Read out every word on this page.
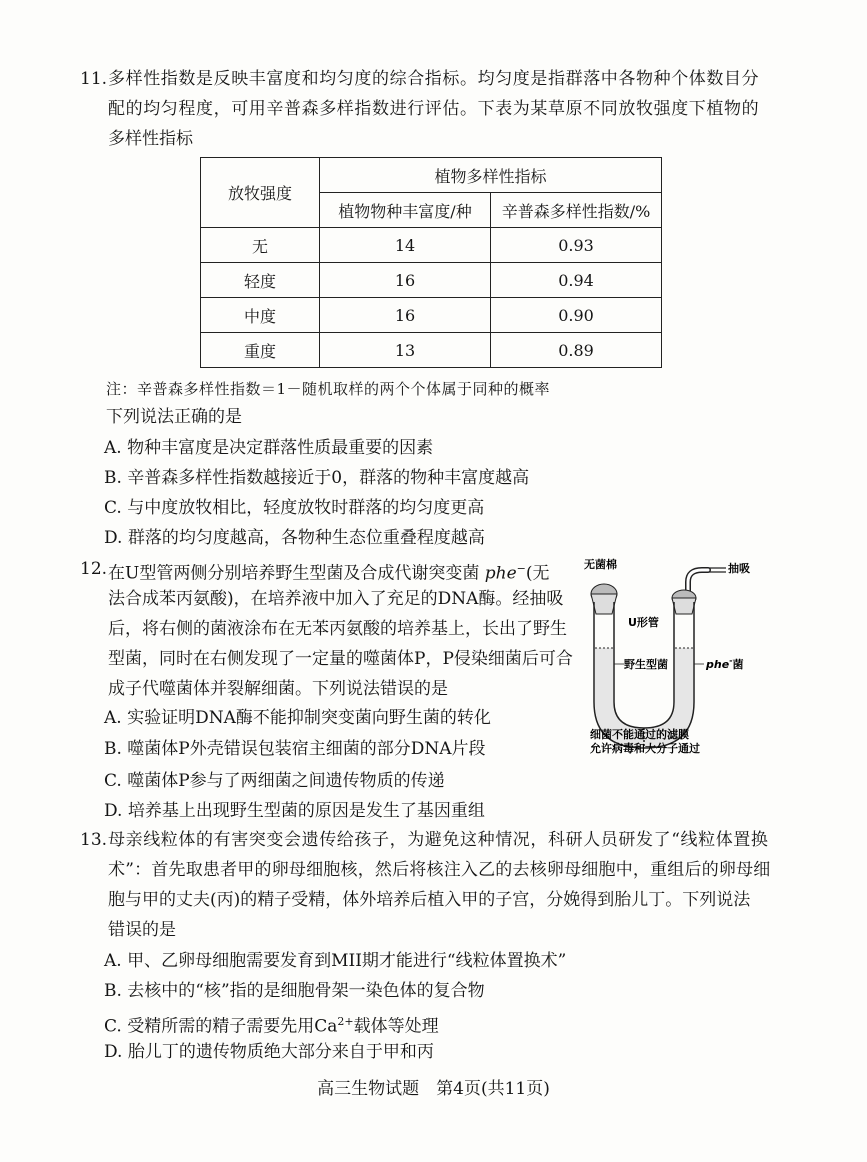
11. 多样性指数是反映丰富度和均匀度的综合指标。均匀度是指群落中各物种个体数目分
配的均匀程度，可用辛普森多样指数进行评估。下表为某草原不同放牧强度下植物的
多样性指标
放牧强度	植物多样性指标	
	植物物种丰富度/种	辛普森多样性指数/%
无	14	0.93
轻度	16	0.94
中度	16	0.90
重度	13	0.89
注：辛普森多样性指数＝1－随机取样的两个个体属于同种的概率
下列说法正确的是
A. 物种丰富度是决定群落性质最重要的因素
B. 辛普森多样性指数越接近于0，群落的物种丰富度越高
C. 与中度放牧相比，轻度放牧时群落的均匀度更高
D. 群落的均匀度越高，各物种生态位重叠程度越高
12. 在U型管两侧分别培养野生型菌及合成代谢突变菌 phe−(无
法合成苯丙氨酸)，在培养液中加入了充足的DNA酶。经抽吸
后，将右侧的菌液涂布在无苯丙氨酸的培养基上，长出了野生
型菌，同时在右侧发现了一定量的噬菌体P，P侵染细菌后可合
成子代噬菌体并裂解细菌。下列说法错误的是
A. 实验证明DNA酶不能抑制突变菌向野生菌的转化
B. 噬菌体P外壳错误包装宿主细菌的部分DNA片段
C. 噬菌体P参与了两细菌之间遗传物质的传递
D. 培养基上出现野生型菌的原因是发生了基因重组
无菌棉	抽吸
U形管
野生型菌	phe-菌
细菌不能通过的滤膜
允许病毒和大分子通过
13. 母亲线粒体的有害突变会遗传给孩子，为避免这种情况，科研人员研发了“线粒体置换
术”：首先取患者甲的卵母细胞核，然后将核注入乙的去核卵母细胞中，重组后的卵母细
胞与甲的丈夫(丙)的精子受精，体外培养后植入甲的子宫，分娩得到胎儿丁。下列说法
错误的是
A. 甲、乙卵母细胞需要发育到MII期才能进行“线粒体置换术”
B. 去核中的“核”指的是细胞骨架一染色体的复合物
C. 受精所需的精子需要先用$Ca^{2+}$载体等处理
D. 胎儿丁的遗传物质绝大部分来自于甲和丙
高三生物试题　第4页(共11页)
